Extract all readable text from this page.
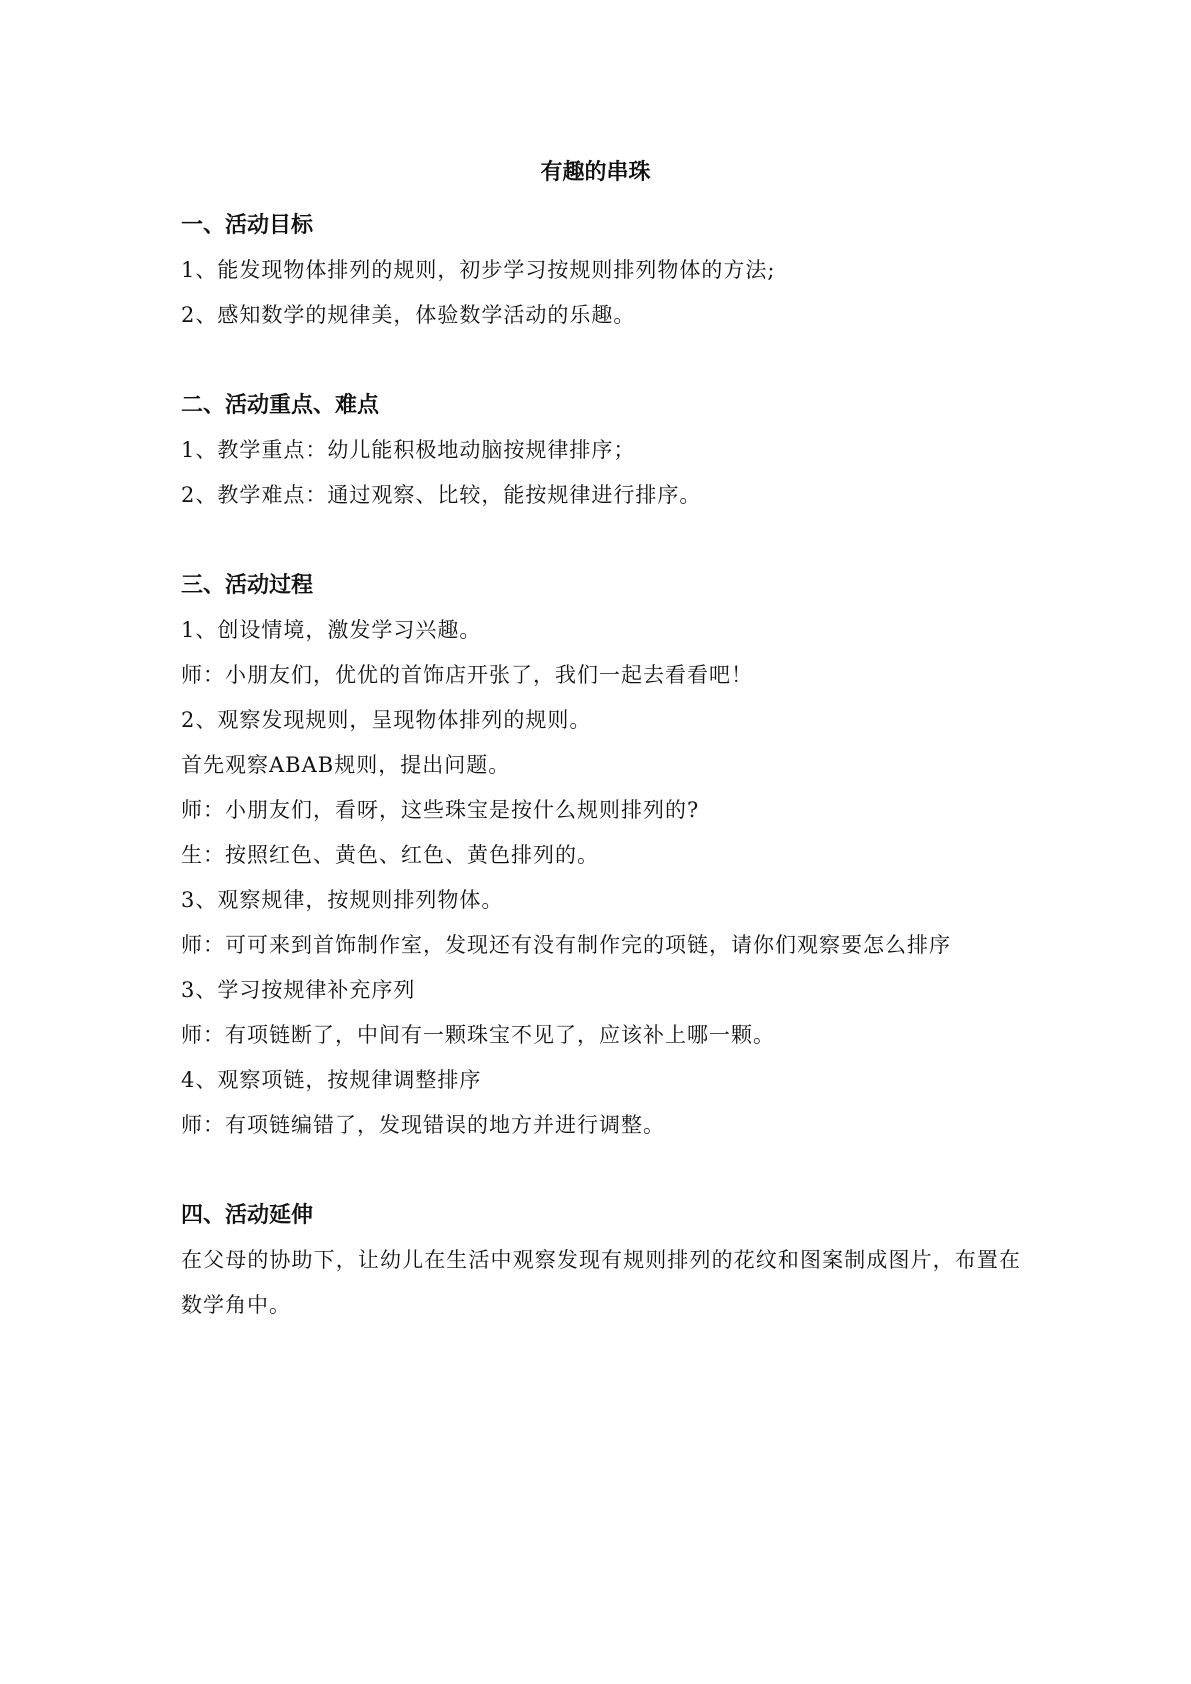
有趣的串珠

一、活动目标

1、能发现物体排列的规则，初步学习按规则排列物体的方法;

2、感知数学的规律美，体验数学活动的乐趣。

二、活动重点、难点

1、教学重点：幼儿能积极地动脑按规律排序；

2、教学难点：通过观察、比较，能按规律进行排序。

三、活动过程

1、创设情境，激发学习兴趣。

师：小朋友们，优优的首饰店开张了，我们一起去看看吧！

2、观察发现规则，呈现物体排列的规则。

首先观察ABAB规则，提出问题。

师：小朋友们，看呀，这些珠宝是按什么规则排列的?

生：按照红色、黄色、红色、黄色排列的。

3、观察规律，按规则排列物体。

师：可可来到首饰制作室，发现还有没有制作完的项链，请你们观察要怎么排序

3、学习按规律补充序列

师：有项链断了，中间有一颗珠宝不见了，应该补上哪一颗。

4、观察项链，按规律调整排序

师：有项链编错了，发现错误的地方并进行调整。

四、活动延伸

在父母的协助下，让幼儿在生活中观察发现有规则排列的花纹和图案制成图片，布置在数学角中。
